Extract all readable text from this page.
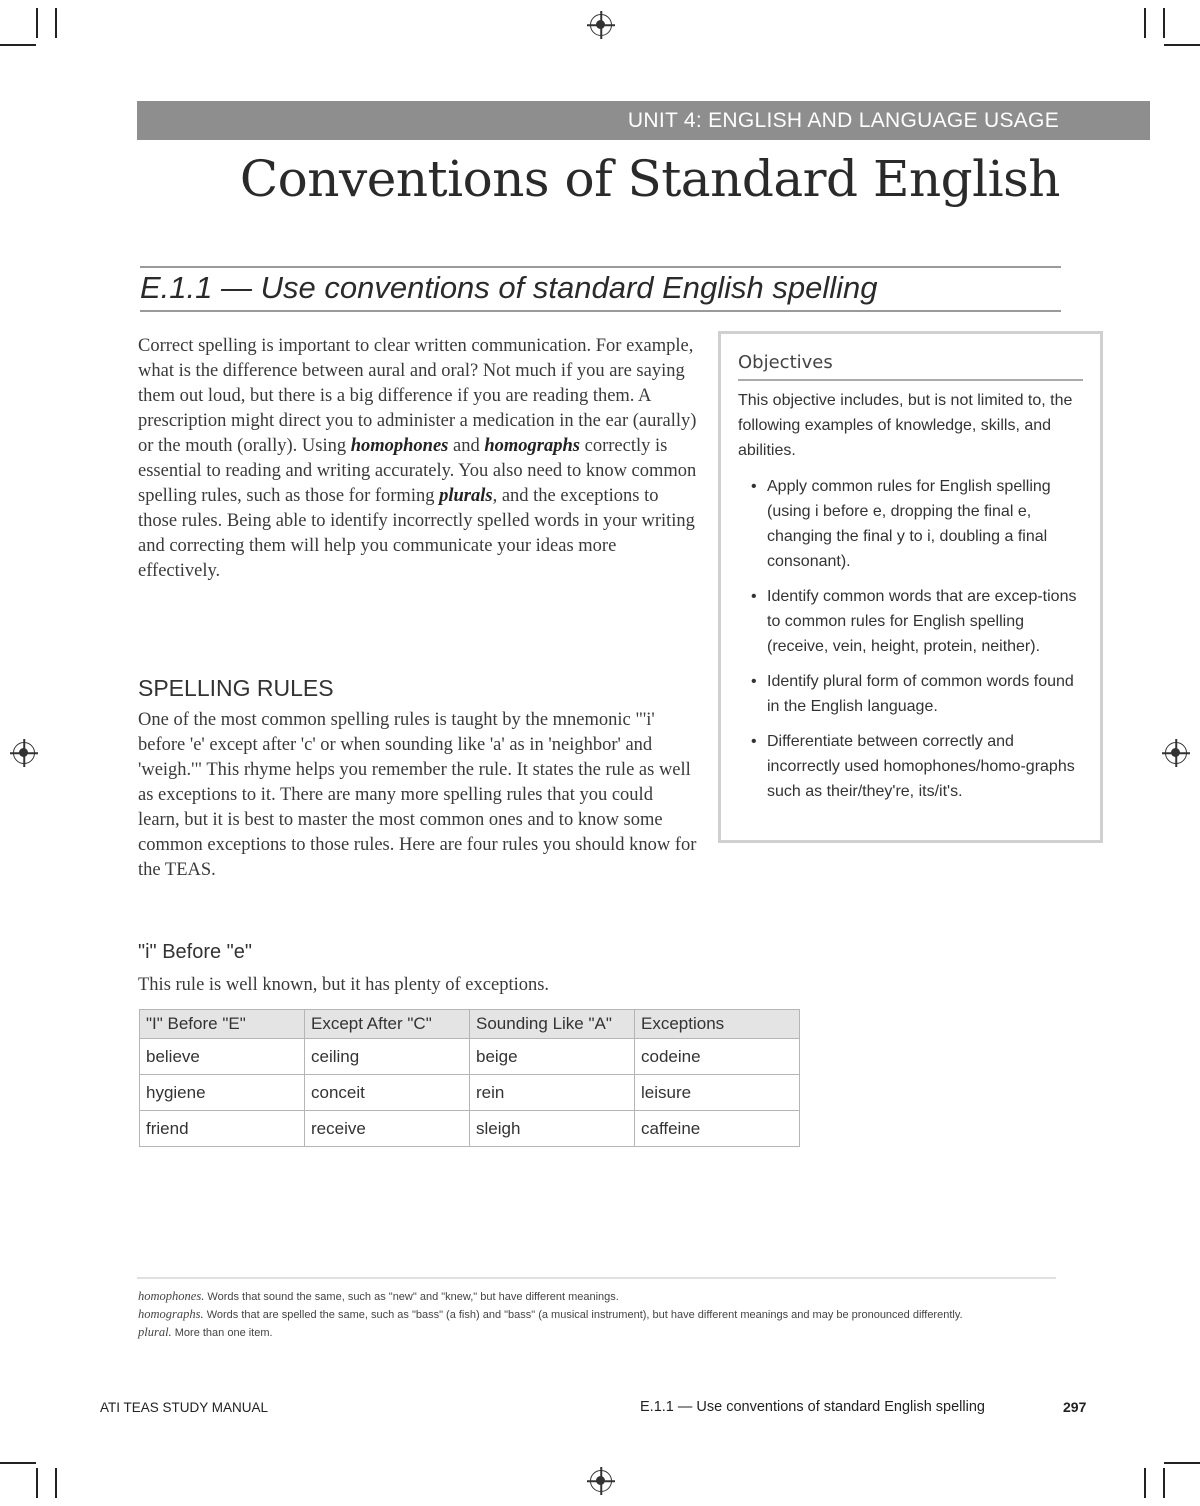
UNIT 4: ENGLISH AND LANGUAGE USAGE
Conventions of Standard English
E.1.1 — Use conventions of standard English spelling
Correct spelling is important to clear written communication. For example, what is the difference between aural and oral? Not much if you are saying them out loud, but there is a big difference if you are reading them. A prescription might direct you to administer a medication in the ear (aurally) or the mouth (orally). Using homophones and homographs correctly is essential to reading and writing accurately. You also need to know common spelling rules, such as those for forming plurals, and the exceptions to those rules. Being able to identify incorrectly spelled words in your writing and correcting them will help you communicate your ideas more effectively.
SPELLING RULES
One of the most common spelling rules is taught by the mnemonic "'i' before 'e' except after 'c' or when sounding like 'a' as in 'neighbor' and 'weigh.'" This rhyme helps you remember the rule. It states the rule as well as exceptions to it. There are many more spelling rules that you could learn, but it is best to master the most common ones and to know some common exceptions to those rules. Here are four rules you should know for the TEAS.
"i" Before "e"
This rule is well known, but it has plenty of exceptions.
"I" Before "E"	Except After "C"	Sounding Like "A"	Exceptions
believe	ceiling	beige	codeine
hygiene	conceit	rein	leisure
friend	receive	sleigh	caffeine
Objectives
This objective includes, but is not limited to, the following examples of knowledge, skills, and abilities.
• Apply common rules for English spelling (using i before e, dropping the final e, changing the final y to i, doubling a final consonant).
• Identify common words that are excep-tions to common rules for English spelling (receive, vein, height, protein, neither).
• Identify plural form of common words found in the English language.
• Differentiate between correctly and incorrectly used homophones/homo-graphs such as their/they're, its/it's.

homophones. Words that sound the same, such as "new" and "knew," but have different meanings.

homographs. Words that are spelled the same, such as "bass" (a fish) and "bass" (a musical instrument), but have different meanings and may be pronounced differently.

plural. More than one item.

ATI TEAS STUDY MANUAL	E.1.1 — Use conventions of standard English spelling	297
